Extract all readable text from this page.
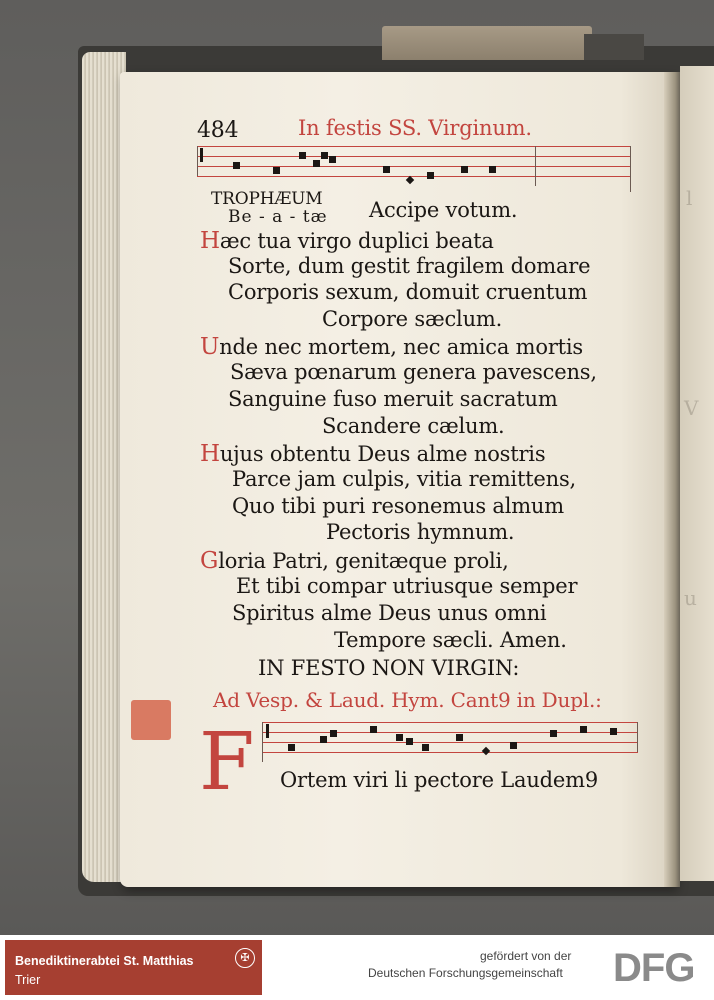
l
V
u
484	In festis SS. Virginum.
TROPHÆUM
Be - a - tæ Accipe votum.
Hæc tua virgo duplici beata
Sorte, dum gestit fragilem domare
Corporis sexum, domuit cruentum
Corpore sæclum.
Unde nec mortem, nec amica mortis
Sæva pœnarum genera pavescens,
Sanguine fuso meruit sacratum
Scandere cælum.
Hujus obtentu Deus alme nostris
Parce jam culpis, vitia remittens,
Quo tibi puri resonemus almum
Pectoris hymnum.
Gloria Patri, genitæque proli,
Et tibi compar utriusque semper
Spiritus alme Deus unus omni
Tempore sæcli. Amen.
IN FESTO NON VIRGIN:
Ad Vesp. & Laud. Hym. Cant9 in Dupl.:
F Ortem viri li pectore Laudem9
Benediktinerabtei St. Matthias
Trier
✠	gefördert von der
Deutschen Forschungsgemeinschaft DFG
